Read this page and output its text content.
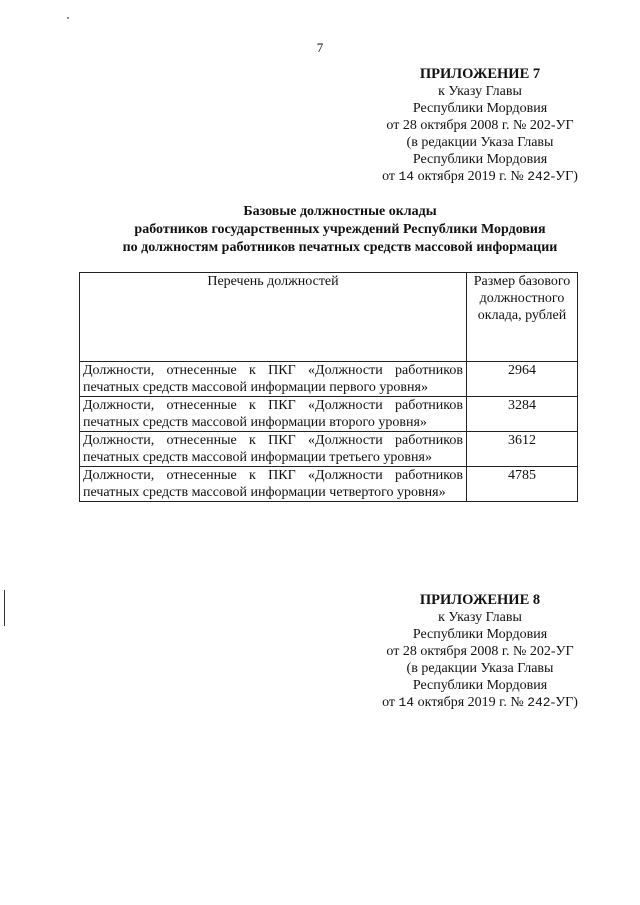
7
ПРИЛОЖЕНИЕ 7
к Указу Главы
Республики Мордовия
от 28 октября 2008 г. № 202-УГ
(в редакции Указа Главы
Республики Мордовия
от 14 октября 2019 г. № 242-УГ)
Базовые должностные оклады
работников государственных учреждений Республики Мордовия
по должностям работников печатных средств массовой информации
Перечень должностей	Размер базового должностного оклада, рублей
Должности, отнесенные к ПКГ «Должности работников печатных средств массовой информации первого уровня»	2964
Должности, отнесенные к ПКГ «Должности работников печатных средств массовой информации второго уровня»	3284
Должности, отнесенные к ПКГ «Должности работников печатных средств массовой информации третьего уровня»	3612
Должности, отнесенные к ПКГ «Должности работников печатных средств массовой информации четвертого уровня»	4785
ПРИЛОЖЕНИЕ 8
к Указу Главы
Республики Мордовия
от 28 октября 2008 г. № 202-УГ
(в редакции Указа Главы
Республики Мордовия
от 14 октября 2019 г. № 242-УГ)
